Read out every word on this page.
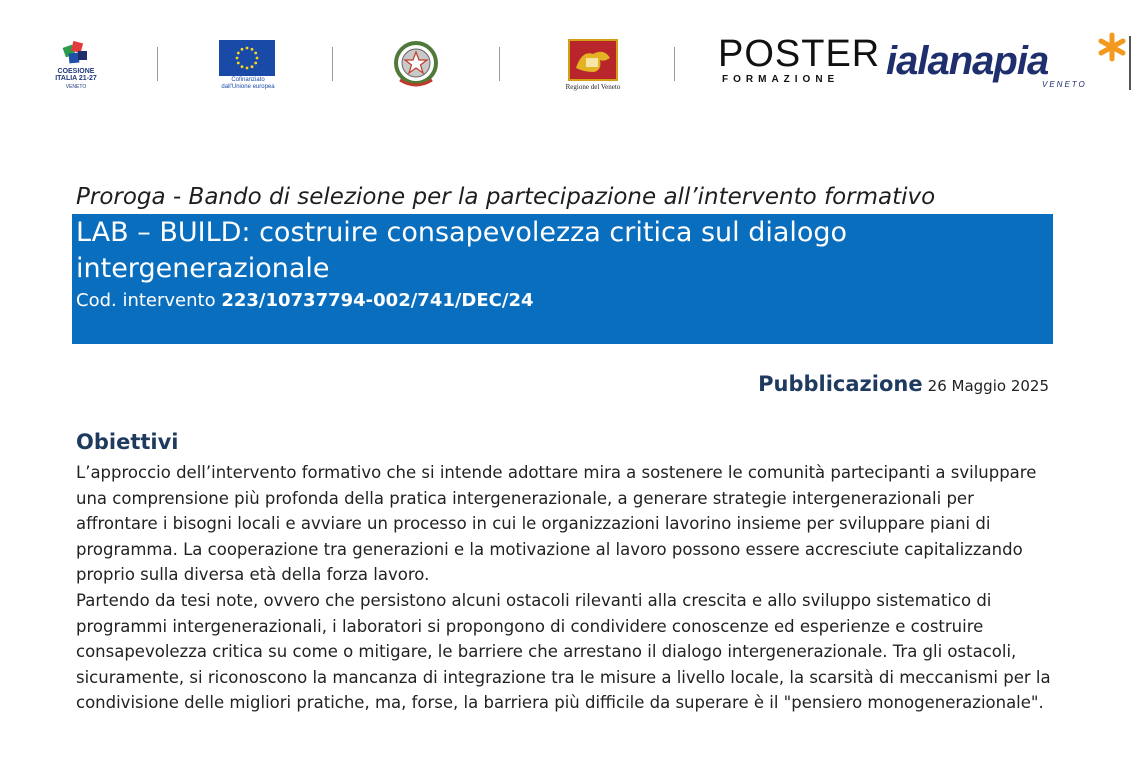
COESIONE
ITALIA 21-27
VENETO
Cofinanziato
dall'Unione europea	Regione del Veneto
POSTER
FORMAZIONE ialanapia
VENETO
Proroga - Bando di selezione per la partecipazione all’intervento formativo
LAB – BUILD: costruire consapevolezza critica sul dialogo intergenerazionale
Cod. intervento 223/10737794-002/741/DEC/24
Pubblicazione 26 Maggio 2025
Obiettivi

L’approccio dell’intervento formativo che si intende adottare mira a sostenere le comunità partecipanti a sviluppare una comprensione più profonda della pratica intergenerazionale, a generare strategie intergenerazionali per affrontare i bisogni locali e avviare un processo in cui le organizzazioni lavorino insieme per sviluppare piani di programma. La cooperazione tra generazioni e la motivazione al lavoro possono essere accresciute capitalizzando proprio sulla diversa età della forza lavoro.

Partendo da tesi note, ovvero che persistono alcuni ostacoli rilevanti alla crescita e allo sviluppo sistematico di programmi intergenerazionali, i laboratori si propongono di condividere conoscenze ed esperienze e costruire consapevolezza critica su come o mitigare, le barriere che arrestano il dialogo intergenerazionale. Tra gli ostacoli, sicuramente, si riconoscono la mancanza di integrazione tra le misure a livello locale, la scarsità di meccanismi per la condivisione delle migliori pratiche, ma, forse, la barriera più difficile da superare è il "pensiero monogenerazionale".
